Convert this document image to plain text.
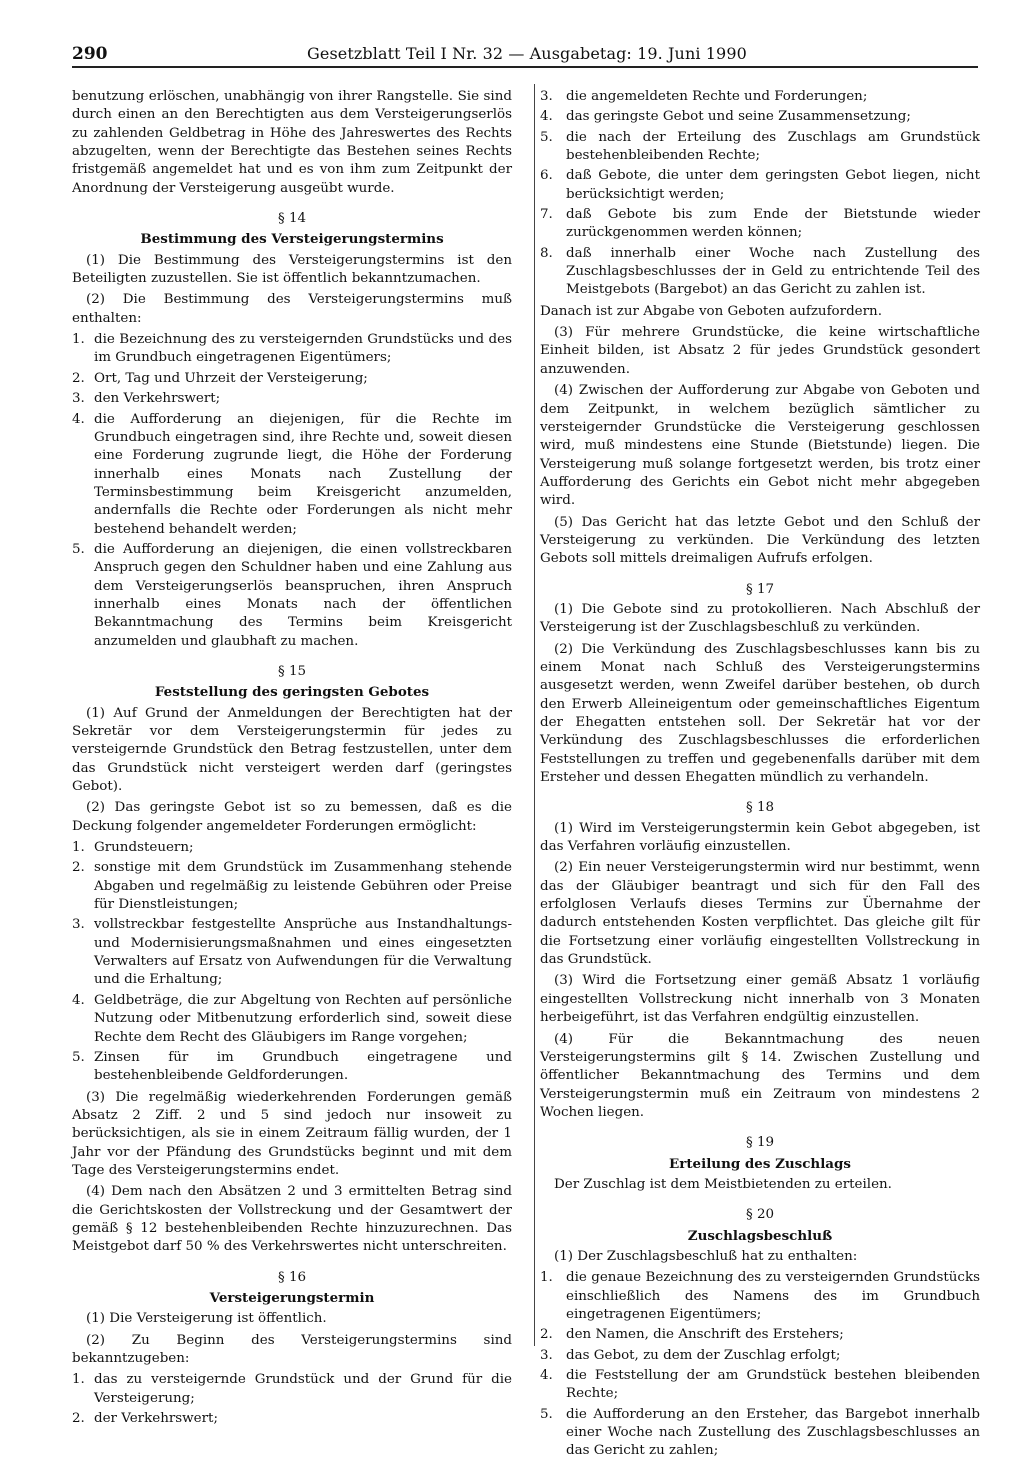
290	Gesetzblatt Teil I Nr. 32 — Ausgabetag: 19. Juni 1990

benutzung erlöschen, unabhängig von ihrer Rangstelle. Sie sind durch einen an den Berechtigten aus dem Versteigerungserlös zu zahlenden Geldbetrag in Höhe des Jahreswertes des Rechts abzugelten, wenn der Berechtigte das Bestehen seines Rechts fristgemäß angemeldet hat und es von ihm zum Zeitpunkt der Anordnung der Versteigerung ausgeübt wurde.

§ 14
Bestimmung des Versteigerungstermins

(1) Die Bestimmung des Versteigerungstermins ist den Beteiligten zuzustellen. Sie ist öffentlich bekanntzumachen.

(2) Die Bestimmung des Versteigerungstermins muß enthalten:

1. die Bezeichnung des zu versteigernden Grundstücks und des im Grundbuch eingetragenen Eigentümers;
2. Ort, Tag und Uhrzeit der Versteigerung;
3. den Verkehrswert;
4. die Aufforderung an diejenigen, für die Rechte im Grundbuch eingetragen sind, ihre Rechte und, soweit diesen eine Forderung zugrunde liegt, die Höhe der Forderung innerhalb eines Monats nach Zustellung der Terminsbestimmung beim Kreisgericht anzumelden, andernfalls die Rechte oder Forderungen als nicht mehr bestehend behandelt werden;
5. die Aufforderung an diejenigen, die einen vollstreckbaren Anspruch gegen den Schuldner haben und eine Zahlung aus dem Versteigerungserlös beanspruchen, ihren Anspruch innerhalb eines Monats nach der öffentlichen Bekanntmachung des Termins beim Kreisgericht anzumelden und glaubhaft zu machen.
§ 15
Feststellung des geringsten Gebotes

(1) Auf Grund der Anmeldungen der Berechtigten hat der Sekretär vor dem Versteigerungstermin für jedes zu versteigernde Grundstück den Betrag festzustellen, unter dem das Grundstück nicht versteigert werden darf (geringstes Gebot).

(2) Das geringste Gebot ist so zu bemessen, daß es die Deckung folgender angemeldeter Forderungen ermöglicht:

1. Grundsteuern;
2. sonstige mit dem Grundstück im Zusammenhang stehende Abgaben und regelmäßig zu leistende Gebühren oder Preise für Dienstleistungen;
3. vollstreckbar festgestellte Ansprüche aus Instandhaltungs- und Modernisierungsmaßnahmen und eines eingesetzten Verwalters auf Ersatz von Aufwendungen für die Verwaltung und die Erhaltung;
4. Geldbeträge, die zur Abgeltung von Rechten auf persönliche Nutzung oder Mitbenutzung erforderlich sind, soweit diese Rechte dem Recht des Gläubigers im Range vorgehen;
5. Zinsen für im Grundbuch eingetragene und bestehenbleibende Geldforderungen.

(3) Die regelmäßig wiederkehrenden Forderungen gemäß Absatz 2 Ziff. 2 und 5 sind jedoch nur insoweit zu berücksichtigen, als sie in einem Zeitraum fällig wurden, der 1 Jahr vor der Pfändung des Grundstücks beginnt und mit dem Tage des Versteigerungstermins endet.

(4) Dem nach den Absätzen 2 und 3 ermittelten Betrag sind die Gerichtskosten der Vollstreckung und der Gesamtwert der gemäß § 12 bestehenbleibenden Rechte hinzuzurechnen. Das Meistgebot darf 50 % des Verkehrswertes nicht unterschreiten.

§ 16
Versteigerungstermin

(1) Die Versteigerung ist öffentlich.

(2) Zu Beginn des Versteigerungstermins sind bekanntzugeben:

1. das zu versteigernde Grundstück und der Grund für die Versteigerung;
2. der Verkehrswert;
3. die angemeldeten Rechte und Forderungen;
4. das geringste Gebot und seine Zusammensetzung;
5. die nach der Erteilung des Zuschlags am Grundstück bestehenbleibenden Rechte;
6. daß Gebote, die unter dem geringsten Gebot liegen, nicht berücksichtigt werden;
7. daß Gebote bis zum Ende der Bietstunde wieder zurückgenommen werden können;
8. daß innerhalb einer Woche nach Zustellung des Zuschlagsbeschlusses der in Geld zu entrichtende Teil des Meistgebots (Bargebot) an das Gericht zu zahlen ist.

Danach ist zur Abgabe von Geboten aufzufordern.

(3) Für mehrere Grundstücke, die keine wirtschaftliche Einheit bilden, ist Absatz 2 für jedes Grundstück gesondert anzuwenden.

(4) Zwischen der Aufforderung zur Abgabe von Geboten und dem Zeitpunkt, in welchem bezüglich sämtlicher zu versteigernder Grundstücke die Versteigerung geschlossen wird, muß mindestens eine Stunde (Bietstunde) liegen. Die Versteigerung muß solange fortgesetzt werden, bis trotz einer Aufforderung des Gerichts ein Gebot nicht mehr abgegeben wird.

(5) Das Gericht hat das letzte Gebot und den Schluß der Versteigerung zu verkünden. Die Verkündung des letzten Gebots soll mittels dreimaligen Aufrufs erfolgen.

§ 17

(1) Die Gebote sind zu protokollieren. Nach Abschluß der Versteigerung ist der Zuschlagsbeschluß zu verkünden.

(2) Die Verkündung des Zuschlagsbeschlusses kann bis zu einem Monat nach Schluß des Versteigerungstermins ausgesetzt werden, wenn Zweifel darüber bestehen, ob durch den Erwerb Alleineigentum oder gemeinschaftliches Eigentum der Ehegatten entstehen soll. Der Sekretär hat vor der Verkündung des Zuschlagsbeschlusses die erforderlichen Feststellungen zu treffen und gegebenenfalls darüber mit dem Ersteher und dessen Ehegatten mündlich zu verhandeln.

§ 18

(1) Wird im Versteigerungstermin kein Gebot abgegeben, ist das Verfahren vorläufig einzustellen.

(2) Ein neuer Versteigerungstermin wird nur bestimmt, wenn das der Gläubiger beantragt und sich für den Fall des erfolglosen Verlaufs dieses Termins zur Übernahme der dadurch entstehenden Kosten verpflichtet. Das gleiche gilt für die Fortsetzung einer vorläufig eingestellten Vollstreckung in das Grundstück.

(3) Wird die Fortsetzung einer gemäß Absatz 1 vorläufig eingestellten Vollstreckung nicht innerhalb von 3 Monaten herbeigeführt, ist das Verfahren endgültig einzustellen.

(4) Für die Bekanntmachung des neuen Versteigerungstermins gilt § 14. Zwischen Zustellung und öffentlicher Bekanntmachung des Termins und dem Versteigerungstermin muß ein Zeitraum von mindestens 2 Wochen liegen.

§ 19
Erteilung des Zuschlags

Der Zuschlag ist dem Meistbietenden zu erteilen.

§ 20
Zuschlagsbeschluß

(1) Der Zuschlagsbeschluß hat zu enthalten:

1. die genaue Bezeichnung des zu versteigernden Grundstücks einschließlich des Namens des im Grundbuch eingetragenen Eigentümers;
2. den Namen, die Anschrift des Erstehers;
3. das Gebot, zu dem der Zuschlag erfolgt;
4. die Feststellung der am Grundstück bestehen bleibenden Rechte;
5. die Aufforderung an den Ersteher, das Bargebot innerhalb einer Woche nach Zustellung des Zuschlagsbeschlusses an das Gericht zu zahlen;
